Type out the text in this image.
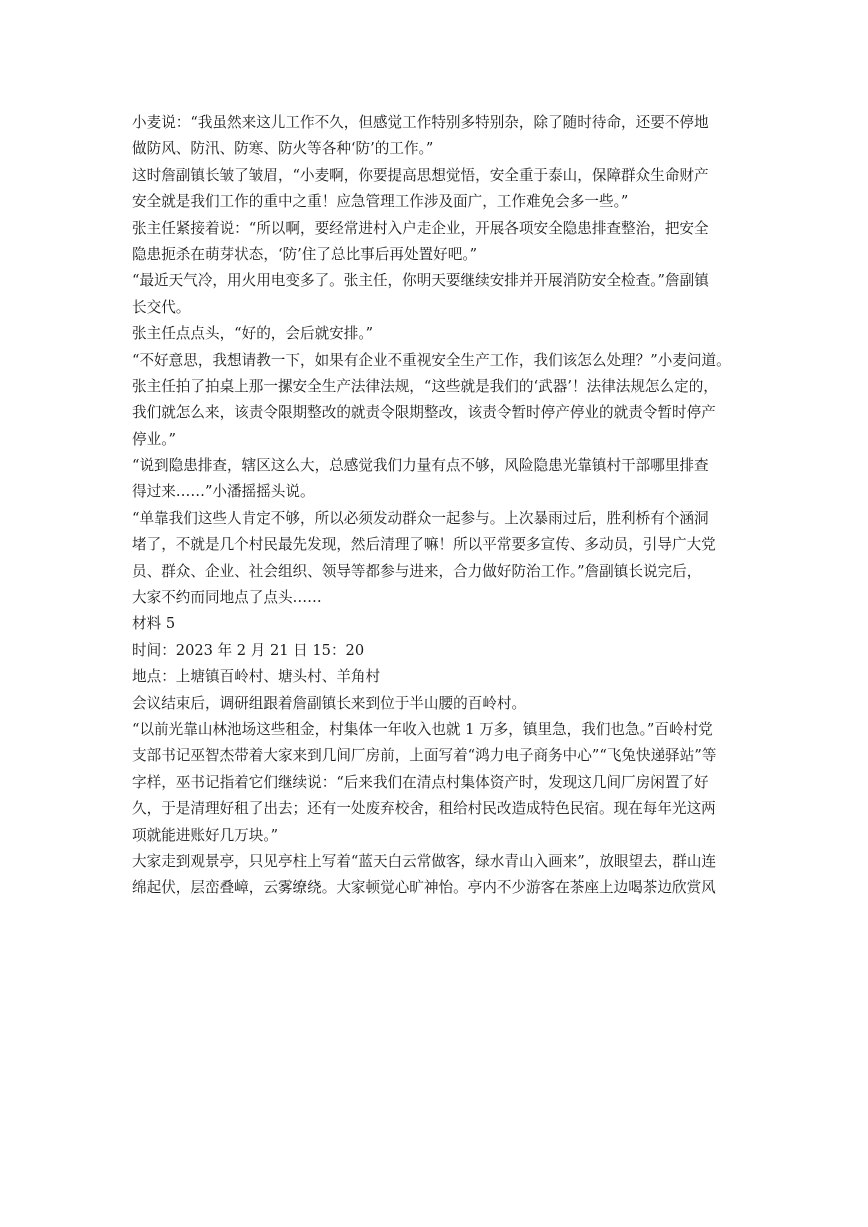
小麦说：“我虽然来这儿工作不久，但感觉工作特别多特别杂，除了随时待命，还要不停地
做防风、防汛、防寒、防火等各种‘防’的工作。”
这时詹副镇长皱了皱眉，“小麦啊，你要提高思想觉悟，安全重于泰山，保障群众生命财产
安全就是我们工作的重中之重！应急管理工作涉及面广，工作难免会多一些。”
张主任紧接着说：“所以啊，要经常进村入户走企业，开展各项安全隐患排查整治，把安全
隐患扼杀在萌芽状态，‘防’住了总比事后再处置好吧。”
“最近天气冷，用火用电变多了。张主任，你明天要继续安排并开展消防安全检查。”詹副镇
长交代。
张主任点点头，“好的，会后就安排。”
“不好意思，我想请教一下，如果有企业不重视安全生产工作，我们该怎么处理？”小麦问道。
张主任拍了拍桌上那一摞安全生产法律法规，“这些就是我们的‘武器’！法律法规怎么定的，
我们就怎么来，该责令限期整改的就责令限期整改，该责令暂时停产停业的就责令暂时停产
停业。”
“说到隐患排查，辖区这么大，总感觉我们力量有点不够，风险隐患光靠镇村干部哪里排查
得过来……”小潘摇摇头说。
“单靠我们这些人肯定不够，所以必须发动群众一起参与。上次暴雨过后，胜利桥有个涵洞
堵了，不就是几个村民最先发现，然后清理了嘛！所以平常要多宣传、多动员，引导广大党
员、群众、企业、社会组织、领导等都参与进来，合力做好防治工作。”詹副镇长说完后，
大家不约而同地点了点头……
材料 5
时间：2023 年 2 月 21 日 15：20
地点：上塘镇百岭村、塘头村、羊角村
会议结束后，调研组跟着詹副镇长来到位于半山腰的百岭村。
“以前光靠山林池场这些租金，村集体一年收入也就 1 万多，镇里急，我们也急。”百岭村党
支部书记巫智杰带着大家来到几间厂房前，上面写着“鸿力电子商务中心”“飞兔快递驿站”等
字样，巫书记指着它们继续说：“后来我们在清点村集体资产时，发现这几间厂房闲置了好
久，于是清理好租了出去；还有一处废弃校舍，租给村民改造成特色民宿。现在每年光这两
项就能进账好几万块。”
大家走到观景亭，只见亭柱上写着“蓝天白云常做客，绿水青山入画来”，放眼望去，群山连
绵起伏，层峦叠嶂，云雾缭绕。大家顿觉心旷神怡。亭内不少游客在茶座上边喝茶边欣赏风
